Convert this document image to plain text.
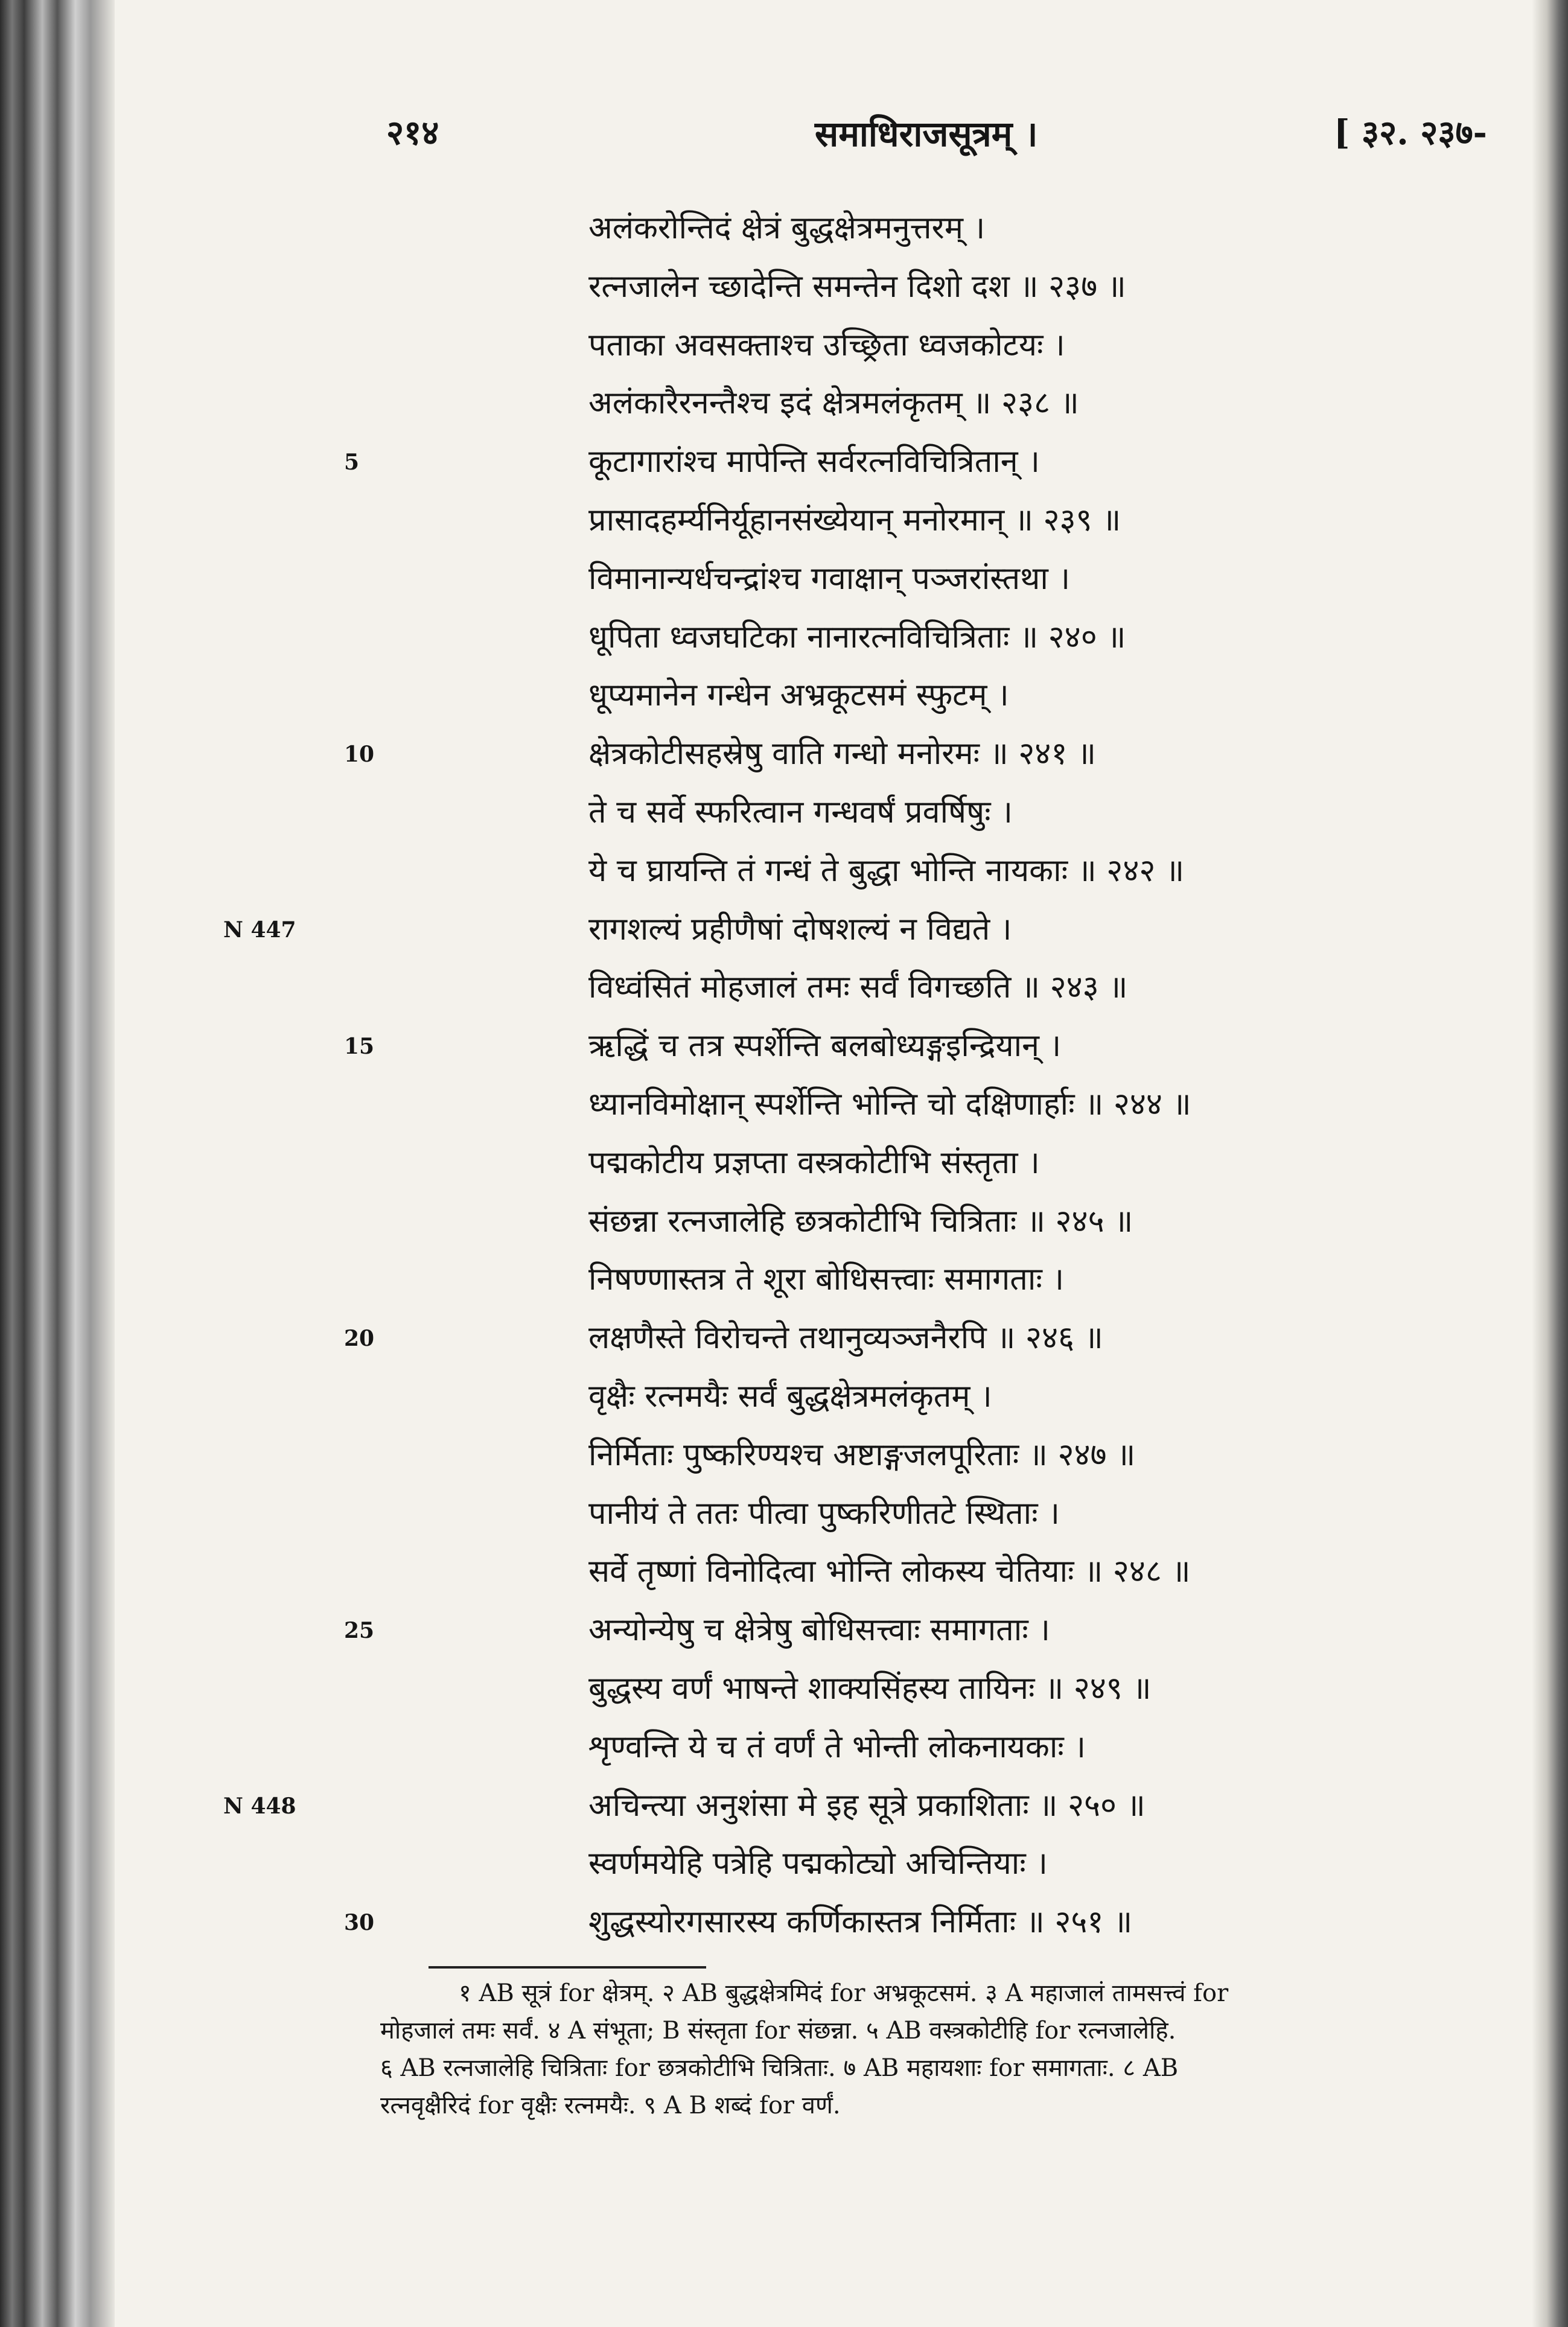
२१४	समाधिराजसूत्रम् ।	[ ३२. २३७-
5
10
15
20
25
30
N 447
N 448
अलंकरोन्तिदं क्षेत्रं बुद्धक्षेत्रमनुत्तरम् ।
रत्नजालेन च्छादेन्ति समन्तेन दिशो दश ॥ २३७ ॥
पताका अवसक्ताश्च उच्छ्रिता ध्वजकोटयः ।
अलंकारैरनन्तैश्च इदं क्षेत्रमलंकृतम् ॥ २३८ ॥
कूटागारांश्च मापेन्ति सर्वरत्नविचित्रितान् ।
प्रासादहर्म्यनिर्यूहानसंख्येयान् मनोरमान् ॥ २३९ ॥
विमानान्यर्धचन्द्रांश्च गवाक्षान् पञ्जरांस्तथा ।
धूपिता ध्वजघटिका नानारत्नविचित्रिताः ॥ २४० ॥
धूप्यमानेन गन्धेन अभ्रकूटसमं स्फुटम् ।
क्षेत्रकोटीसहस्रेषु वाति गन्धो मनोरमः ॥ २४१ ॥
ते च सर्वे स्फरित्वान गन्धवर्षं प्रवर्षिषुः ।
ये च घ्रायन्ति तं गन्धं ते बुद्धा भोन्ति नायकाः ॥ २४२ ॥
रागशल्यं प्रहीणैषां दोषशल्यं न विद्यते ।
विध्वंसितं मोहजालं तमः सर्वं विगच्छति ॥ २४३ ॥
ऋद्धिं च तत्र स्पर्शेन्ति बलबोध्यङ्गइन्द्रियान् ।
ध्यानविमोक्षान् स्पर्शेन्ति भोन्ति चो दक्षिणार्हाः ॥ २४४ ॥
पद्मकोटीय प्रज्ञप्ता वस्त्रकोटीभि संस्तृता ।
संछन्ना रत्नजालेहि छत्रकोटीभि चित्रिताः ॥ २४५ ॥
निषण्णास्तत्र ते शूरा बोधिसत्त्वाः समागताः ।
लक्षणैस्ते विरोचन्ते तथानुव्यञ्जनैरपि ॥ २४६ ॥
वृक्षैः रत्नमयैः सर्वं बुद्धक्षेत्रमलंकृतम् ।
निर्मिताः पुष्करिण्यश्च अष्टाङ्गजलपूरिताः ॥ २४७ ॥
पानीयं ते ततः पीत्वा पुष्करिणीतटे स्थिताः ।
सर्वे तृष्णां विनोदित्वा भोन्ति लोकस्य चेतियाः ॥ २४८ ॥
अन्योन्येषु च क्षेत्रेषु बोधिसत्त्वाः समागताः ।
बुद्धस्य वर्णं भाषन्ते शाक्यसिंहस्य तायिनः ॥ २४९ ॥
शृण्वन्ति ये च तं वर्णं ते भोन्ती लोकनायकाः ।
अचिन्त्या अनुशंसा मे इह सूत्रे प्रकाशिताः ॥ २५० ॥
स्वर्णमयेहि पत्रेहि पद्मकोट्यो अचिन्तियाः ।
शुद्धस्योरगसारस्य कर्णिकास्तत्र निर्मिताः ॥ २५१ ॥
१ AB सूत्रं for क्षेत्रम्. २ AB बुद्धक्षेत्रमिदं for अभ्रकूटसमं. ३ A महाजालं तामसत्त्वं for
मोहजालं तमः सर्वं. ४ A संभूता; B संस्तृता for संछन्ना. ५ AB वस्त्रकोटीहि for रत्नजालेहि.
६ AB रत्नजालेहि चित्रिताः for छत्रकोटीभि चित्रिताः. ७ AB महायशाः for समागताः. ८ AB
रत्नवृक्षैरिदं for वृक्षैः रत्नमयैः. ९ A B शब्दं for वर्णं.
